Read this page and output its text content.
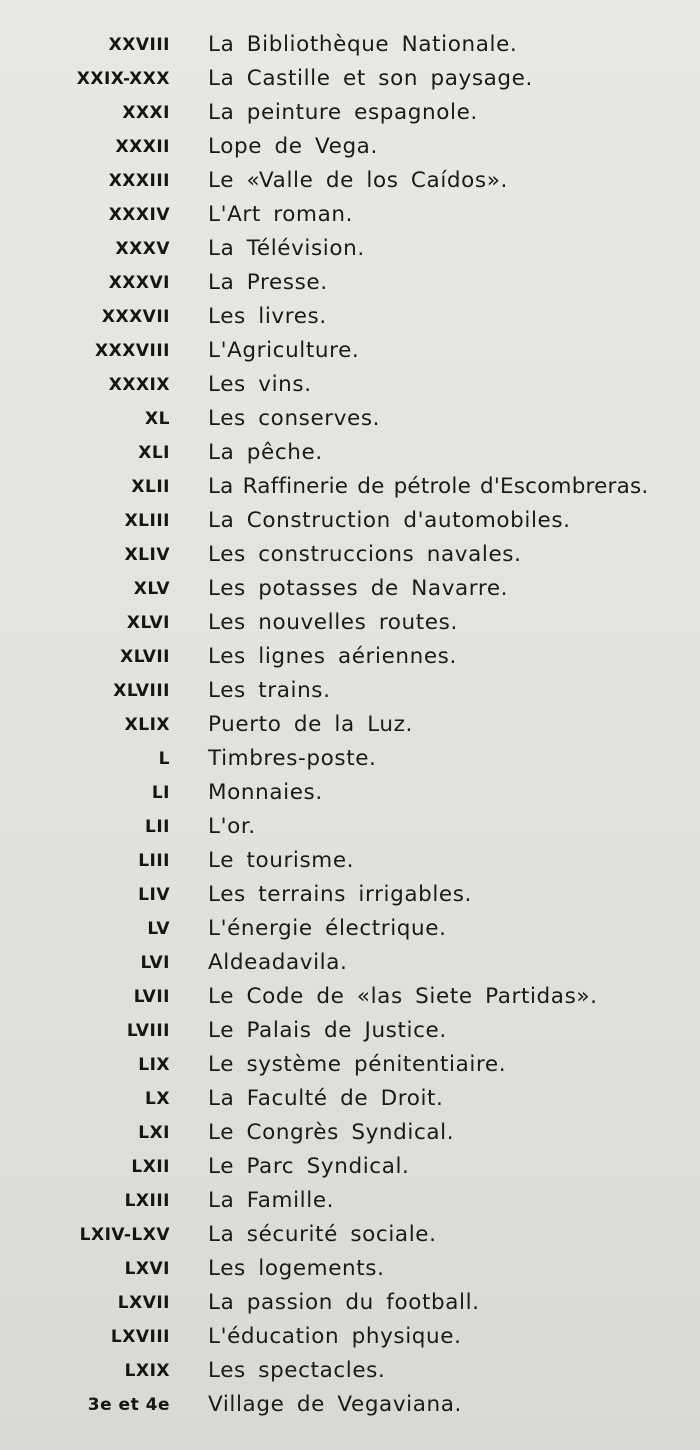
XXVIII La Bibliothèque Nationale.
XXIX-XXX La Castille et son paysage.
XXXI La peinture espagnole.
XXXII Lope de Vega.
XXXIII Le «Valle de los Caídos».
XXXIV L'Art roman.
XXXV La Télévision.
XXXVI La Presse.
XXXVII Les livres.
XXXVIII L'Agriculture.
XXXIX Les vins.
XL Les conserves.
XLI La pêche.
XLII La Raffinerie de pétrole d'Escombreras.
XLIII La Construction d'automobiles.
XLIV Les construccions navales.
XLV Les potasses de Navarre.
XLVI Les nouvelles routes.
XLVII Les lignes aériennes.
XLVIII Les trains.
XLIX Puerto de la Luz.
L Timbres-poste.
LI Monnaies.
LII L'or.
LIII Le tourisme.
LIV Les terrains irrigables.
LV L'énergie électrique.
LVI Aldeadavila.
LVII Le Code de «las Siete Partidas».
LVIII Le Palais de Justice.
LIX Le système pénitentiaire.
LX La Faculté de Droit.
LXI Le Congrès Syndical.
LXII Le Parc Syndical.
LXIII La Famille.
LXIV-LXV La sécurité sociale.
LXVI Les logements.
LXVII La passion du football.
LXVIII L'éducation physique.
LXIX Les spectacles.
3e et 4e Village de Vegaviana.
